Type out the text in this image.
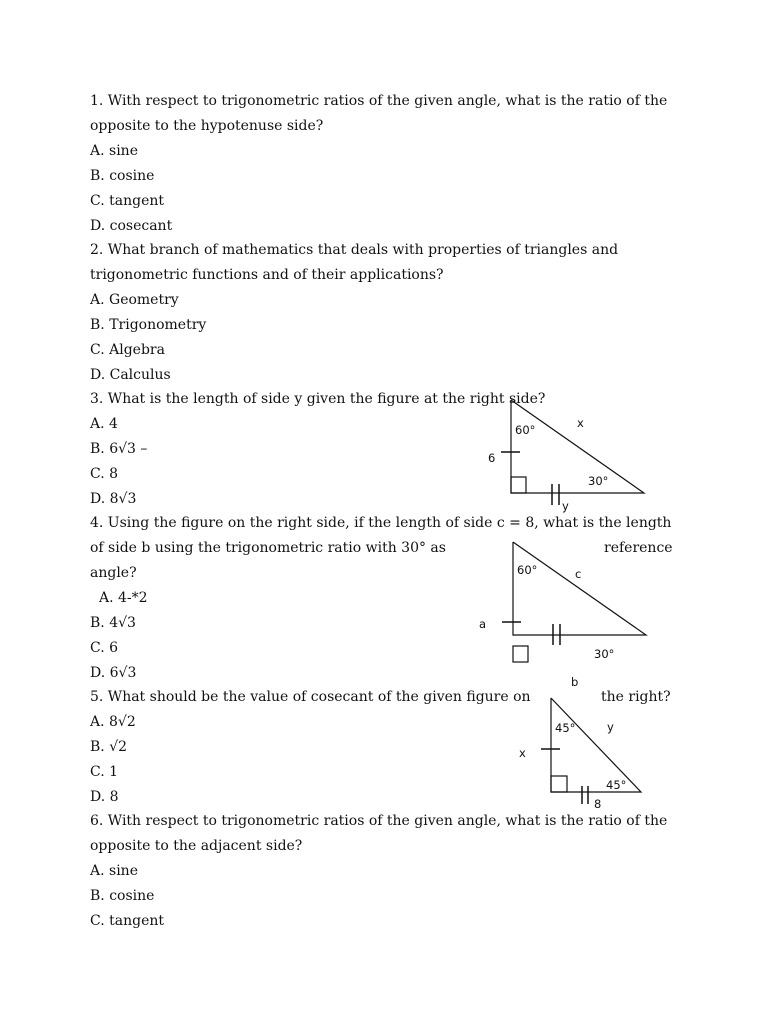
1. With respect to trigonometric ratios of the given angle, what is the ratio of the
opposite to the hypotenuse side?
A. sine
B. cosine
C. tangent
D. cosecant
2. What branch of mathematics that deals with properties of triangles and
trigonometric functions and of their applications?
A. Geometry
B. Trigonometry
C. Algebra
D. Calculus
3. What is the length of side y given the figure at the right side?
A. 4
B. 6√3 –
C. 8
D. 8√3
4. Using the figure on the right side, if the length of side c = 8, what is the length
of side b using the trigonometric ratio with 30° as	reference
angle?
A. 4-*2
B. 4√3
C. 6
D. 6√3
5. What should be the value of cosecant of the given figure on	the right?
A. 8√2
B. √2
C. 1
D. 8
6. With respect to trigonometric ratios of the given angle, what is the ratio of the
opposite to the adjacent side?
A. sine
B. cosine
C. tangent
60°
6
x
30°
y
60°	c
a
30°
b
45°	y
x
45°
8
